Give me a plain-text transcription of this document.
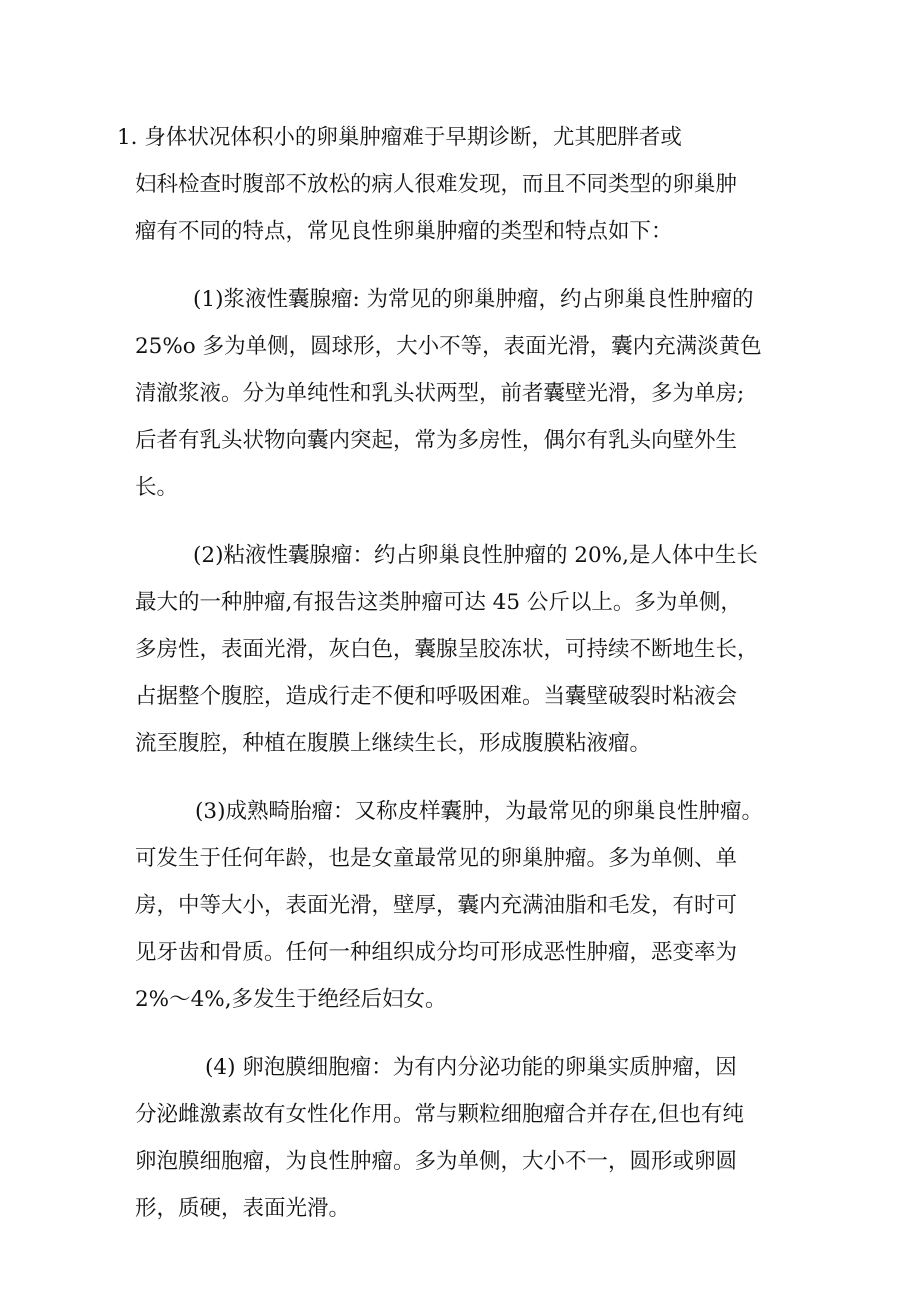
1. 身体状况体积小的卵巢肿瘤难于早期诊断，尤其肥胖者或
妇科检查时腹部不放松的病人很难发现，而且不同类型的卵巢肿
瘤有不同的特点，常见良性卵巢肿瘤的类型和特点如下：
(1)浆液性囊腺瘤: 为常见的卵巢肿瘤，约占卵巢良性肿瘤的
25%o 多为单侧，圆球形，大小不等，表面光滑，囊内充满淡黄色
清澈浆液。分为单纯性和乳头状两型，前者囊壁光滑，多为单房;
后者有乳头状物向囊内突起，常为多房性，偶尔有乳头向壁外生
长。
(2)粘液性囊腺瘤：约占卵巢良性肿瘤的 20%,是人体中生长
最大的一种肿瘤,有报告这类肿瘤可达 45 公斤以上。多为单侧，
多房性，表面光滑，灰白色，囊腺呈胶冻状，可持续不断地生长，
占据整个腹腔，造成行走不便和呼吸困难。当囊壁破裂时粘液会
流至腹腔，种植在腹膜上继续生长，形成腹膜粘液瘤。
(3)成熟畸胎瘤：又称皮样囊肿，为最常见的卵巢良性肿瘤。
可发生于任何年龄，也是女童最常见的卵巢肿瘤。多为单侧、单
房，中等大小，表面光滑，壁厚，囊内充满油脂和毛发，有时可
见牙齿和骨质。任何一种组织成分均可形成恶性肿瘤，恶变率为
2%～4%,多发生于绝经后妇女。
(4) 卵泡膜细胞瘤：为有内分泌功能的卵巢实质肿瘤，因
分泌雌激素故有女性化作用。常与颗粒细胞瘤合并存在,但也有纯
卵泡膜细胞瘤，为良性肿瘤。多为单侧，大小不一，圆形或卵圆
形，质硬，表面光滑。
